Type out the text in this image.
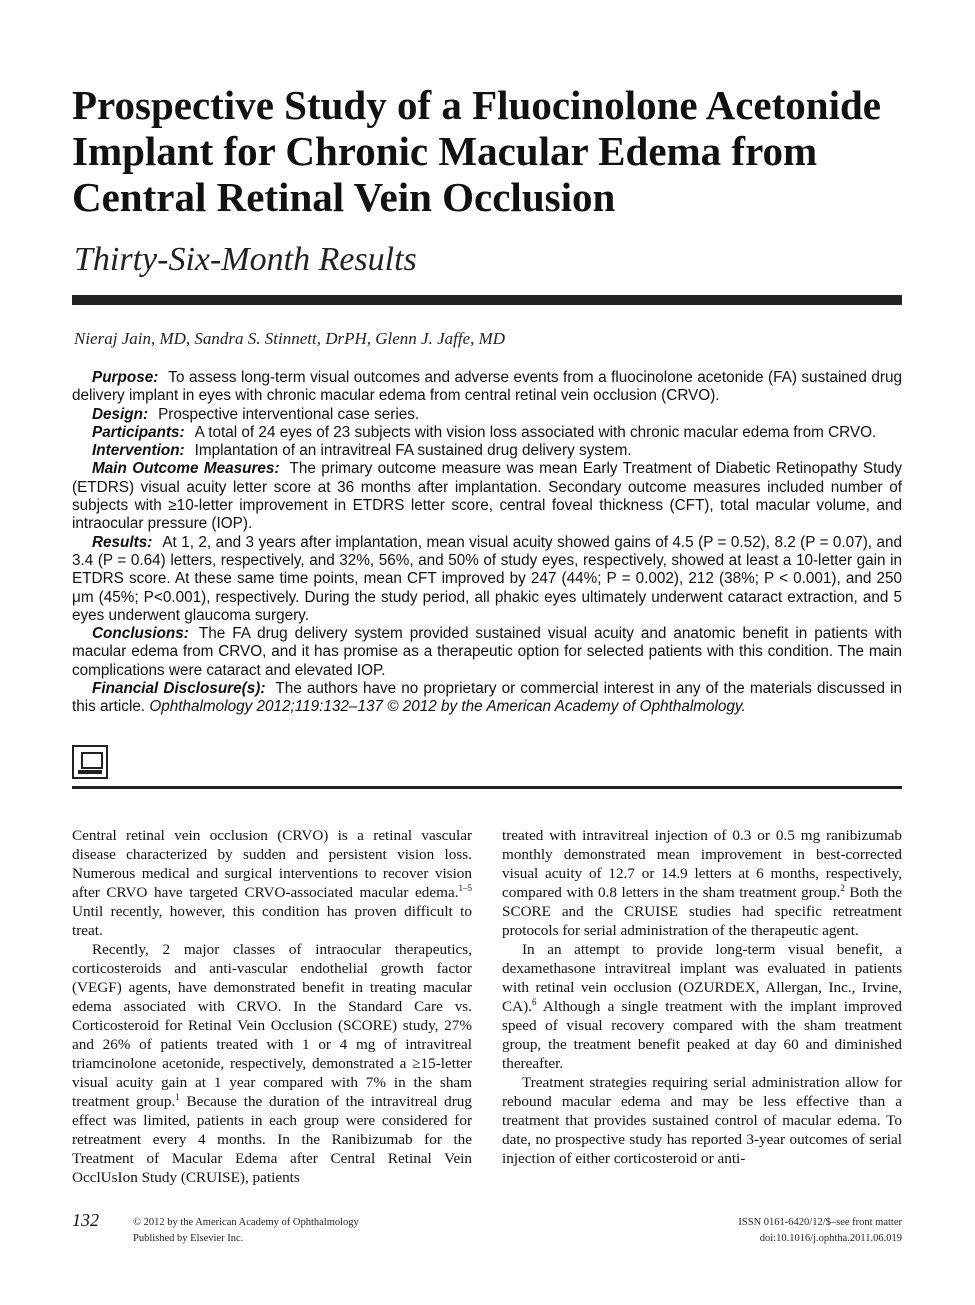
Prospective Study of a Fluocinolone Acetonide Implant for Chronic Macular Edema from Central Retinal Vein Occlusion
Thirty-Six-Month Results
Nieraj Jain, MD, Sandra S. Stinnett, DrPH, Glenn J. Jaffe, MD

Purpose: To assess long-term visual outcomes and adverse events from a fluocinolone acetonide (FA) sustained drug delivery implant in eyes with chronic macular edema from central retinal vein occlusion (CRVO).

Design: Prospective interventional case series.

Participants: A total of 24 eyes of 23 subjects with vision loss associated with chronic macular edema from CRVO.

Intervention: Implantation of an intravitreal FA sustained drug delivery system.

Main Outcome Measures: The primary outcome measure was mean Early Treatment of Diabetic Retinopathy Study (ETDRS) visual acuity letter score at 36 months after implantation. Secondary outcome measures included number of subjects with ≥10-letter improvement in ETDRS letter score, central foveal thickness (CFT), total macular volume, and intraocular pressure (IOP).

Results: At 1, 2, and 3 years after implantation, mean visual acuity showed gains of 4.5 (P = 0.52), 8.2 (P = 0.07), and 3.4 (P = 0.64) letters, respectively, and 32%, 56%, and 50% of study eyes, respectively, showed at least a 10-letter gain in ETDRS score. At these same time points, mean CFT improved by 247 (44%; P = 0.002), 212 (38%; P < 0.001), and 250 μm (45%; P<0.001), respectively. During the study period, all phakic eyes ultimately underwent cataract extraction, and 5 eyes underwent glaucoma surgery.

Conclusions: The FA drug delivery system provided sustained visual acuity and anatomic benefit in patients with macular edema from CRVO, and it has promise as a therapeutic option for selected patients with this condition. The main complications were cataract and elevated IOP.

Financial Disclosure(s): The authors have no proprietary or commercial interest in any of the materials discussed in this article. Ophthalmology 2012;119:132–137 © 2012 by the American Academy of Ophthalmology.

Central retinal vein occlusion (CRVO) is a retinal vascular disease characterized by sudden and persistent vision loss. Numerous medical and surgical interventions to recover vision after CRVO have targeted CRVO-associated macular edema.$^{1-5}$ Until recently, however, this condition has proven difficult to treat.

Recently, 2 major classes of intraocular therapeutics, corticosteroids and anti-vascular endothelial growth factor (VEGF) agents, have demonstrated benefit in treating macular edema associated with CRVO. In the Standard Care vs. Corticosteroid for Retinal Vein Occlusion (SCORE) study, 27% and 26% of patients treated with 1 or 4 mg of intravitreal triamcinolone acetonide, respectively, demonstrated a ≥15-letter visual acuity gain at 1 year compared with 7% in the sham treatment group.$^1$ Because the duration of the intravitreal drug effect was limited, patients in each group were considered for retreatment every 4 months. In the Ranibizumab for the Treatment of Macular Edema after Central Retinal Vein OcclUsIon Study (CRUISE), patients

treated with intravitreal injection of 0.3 or 0.5 mg ranibizumab monthly demonstrated mean improvement in best-corrected visual acuity of 12.7 or 14.9 letters at 6 months, respectively, compared with 0.8 letters in the sham treatment group.$^2$ Both the SCORE and the CRUISE studies had specific retreatment protocols for serial administration of the therapeutic agent.

In an attempt to provide long-term visual benefit, a dexamethasone intravitreal implant was evaluated in patients with retinal vein occlusion (OZURDEX, Allergan, Inc., Irvine, CA).$^6$ Although a single treatment with the implant improved speed of visual recovery compared with the sham treatment group, the treatment benefit peaked at day 60 and diminished thereafter.

Treatment strategies requiring serial administration allow for rebound macular edema and may be less effective than a treatment that provides sustained control of macular edema. To date, no prospective study has reported 3-year outcomes of serial injection of either corticosteroid or anti-

132	© 2012 by the American Academy of Ophthalmology
Published by Elsevier Inc.
ISSN 0161-6420/12/$–see front matter
doi:10.1016/j.ophtha.2011.06.019
